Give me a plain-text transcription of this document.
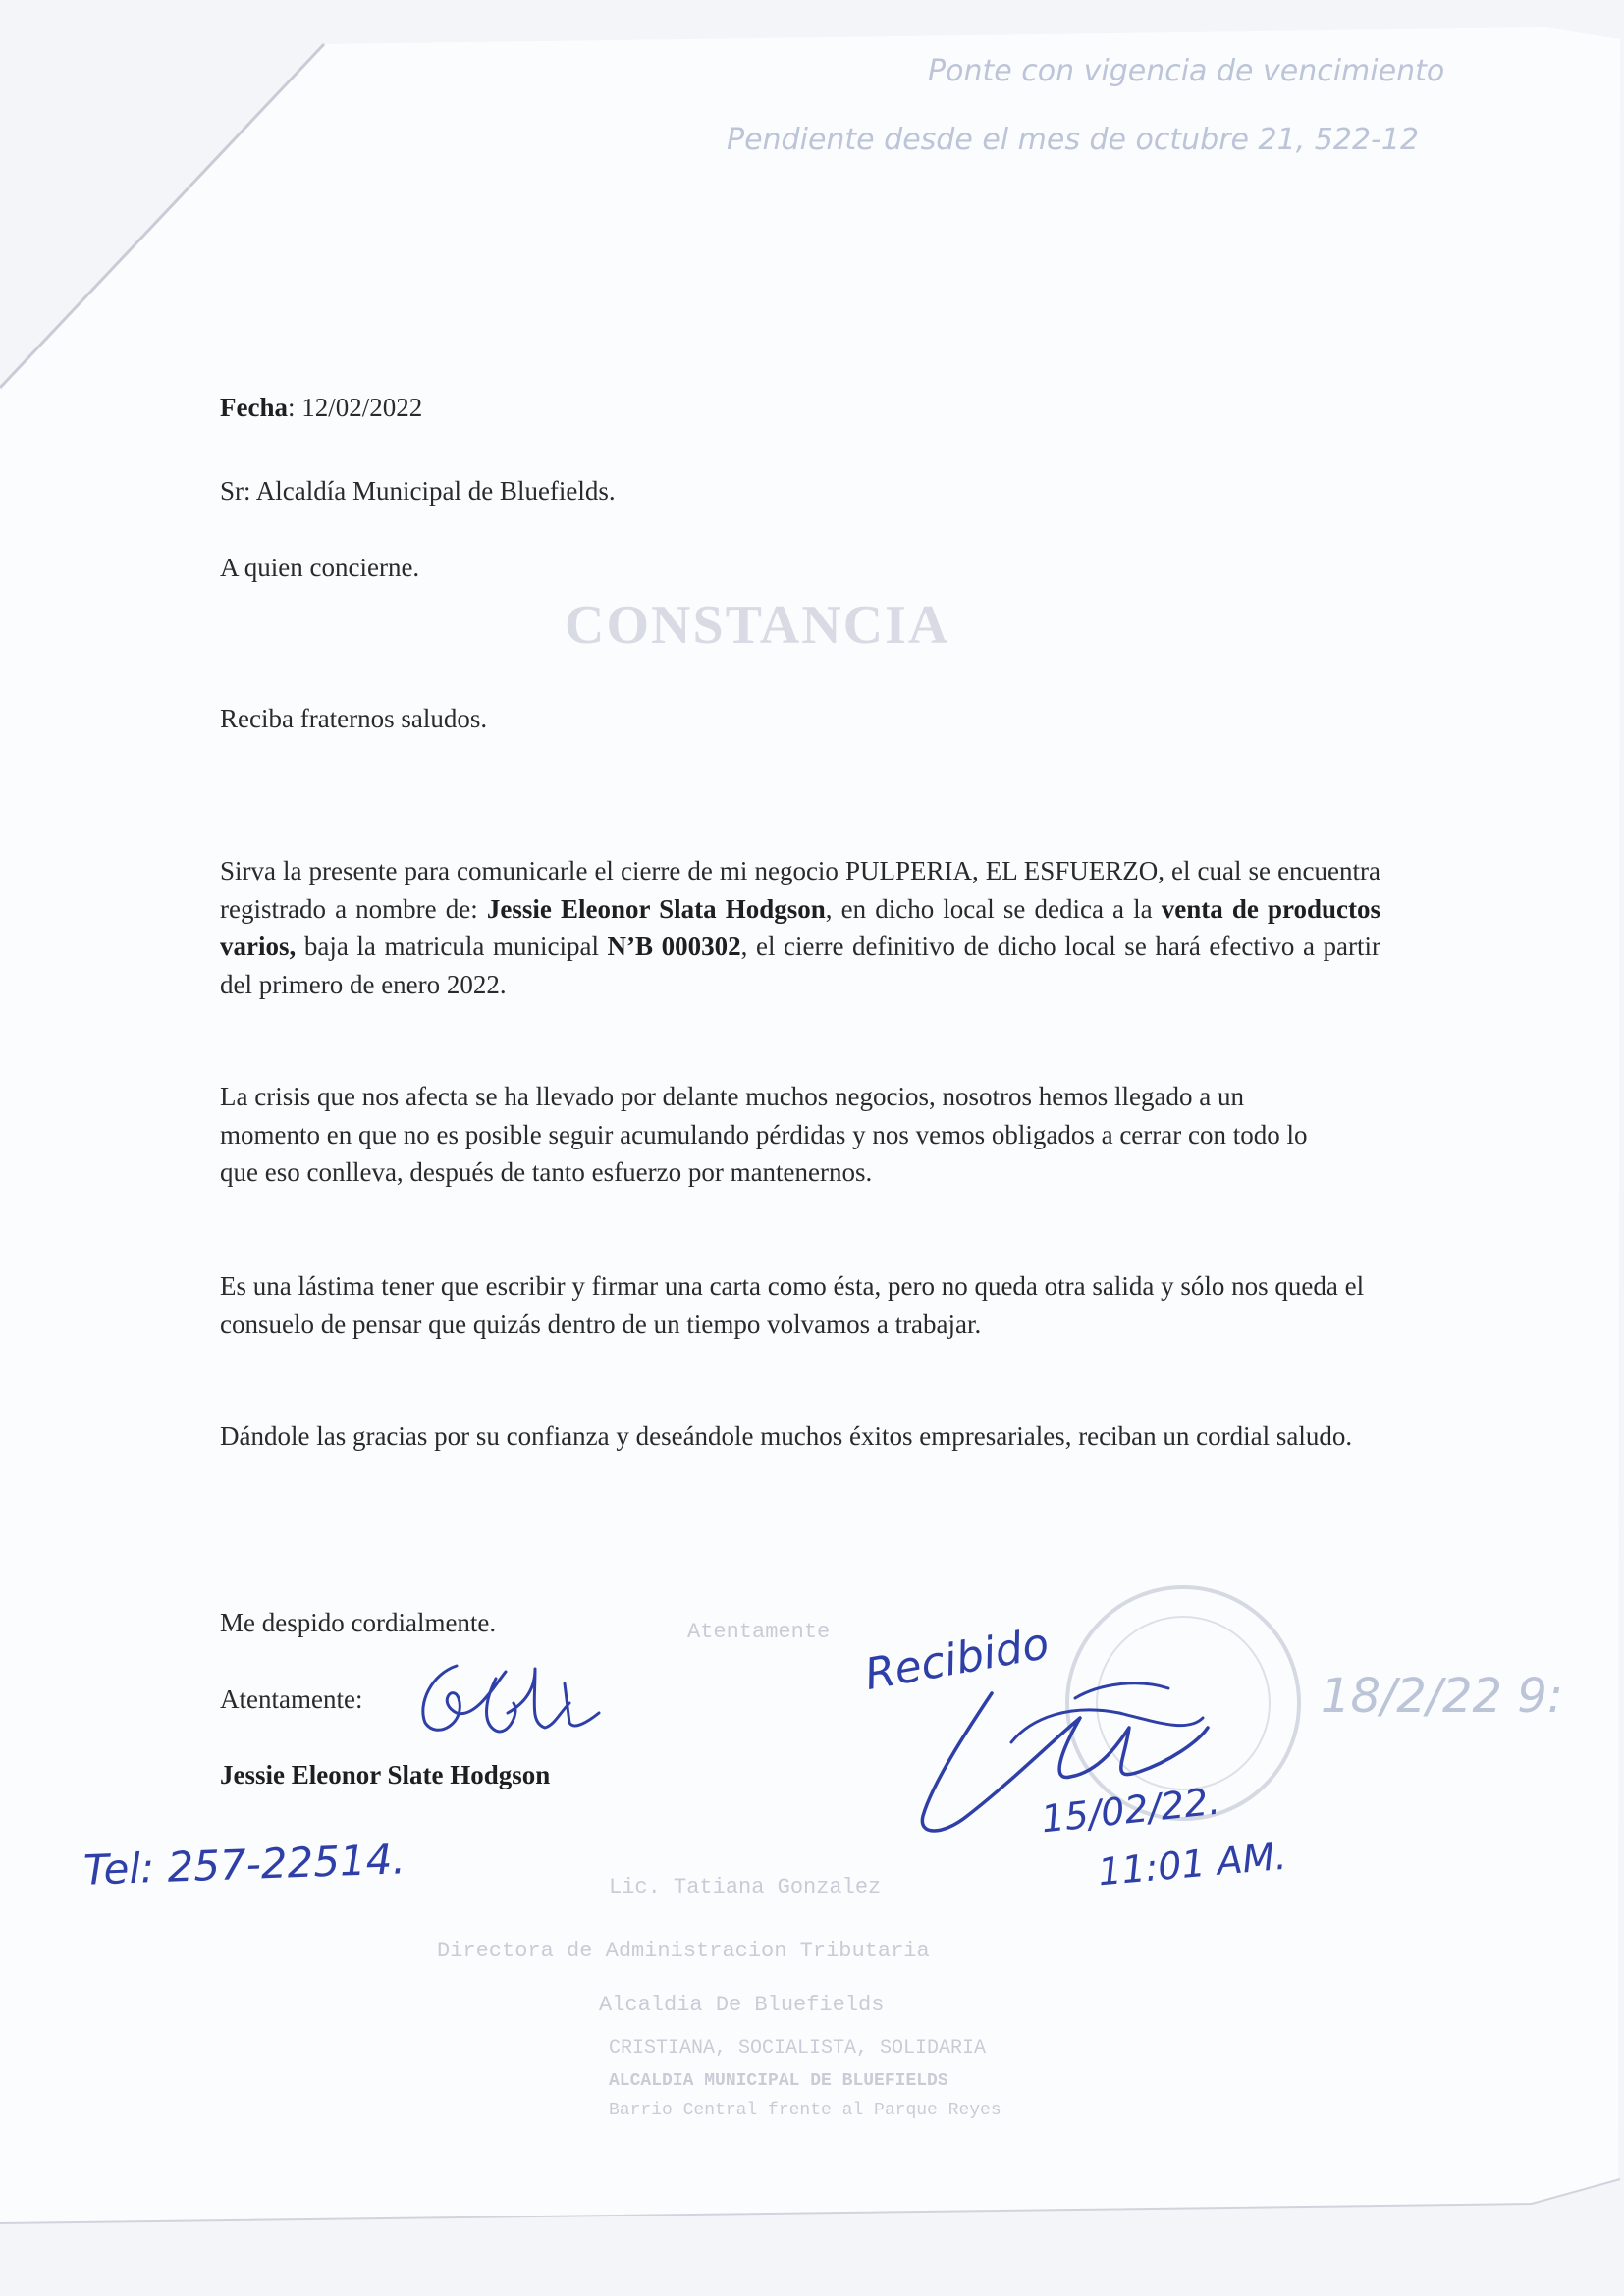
Ponte con vigencia de vencimiento
Pendiente desde el mes de octubre 21, 522-12
CONSTANCIA
Atentamente
18/2/22 9:
Lic. Tatiana Gonzalez
Directora de Administracion Tributaria
Alcaldia De Bluefields
CRISTIANA, SOCIALISTA, SOLIDARIA
ALCALDIA MUNICIPAL DE BLUEFIELDS
Barrio Central frente al Parque Reyes

Fecha: 12/02/2022

Sr: Alcaldía Municipal de Bluefields.

A quien concierne.

Reciba fraternos saludos.

Sirva la presente para comunicarle el cierre de mi negocio PULPERIA, EL ESFUERZO, el cual se encuentra registrado a nombre de: Jessie Eleonor Slata Hodgson, en dicho local se dedica a la venta de productos varios, baja la matricula municipal N’B 000302, el cierre definitivo de dicho local se hará efectivo a partir del primero de enero 2022.

La crisis que nos afecta se ha llevado por delante muchos negocios, nosotros hemos llegado a un momento en que no es posible seguir acumulando pérdidas y nos vemos obligados a cerrar con todo lo que eso conlleva, después de tanto esfuerzo por mantenernos.

Es una lástima tener que escribir y firmar una carta como ésta, pero no queda otra salida y sólo nos queda el consuelo de pensar que quizás dentro de un tiempo volvamos a trabajar.

Dándole las gracias por su confianza y deseándole muchos éxitos empresariales, reciban un cordial saludo.

Me despido cordialmente.

Atentamente:

Jessie Eleonor Slate Hodgson

Recibido
15/02/22.
11:01 AM.
Tel: 257-22514.
